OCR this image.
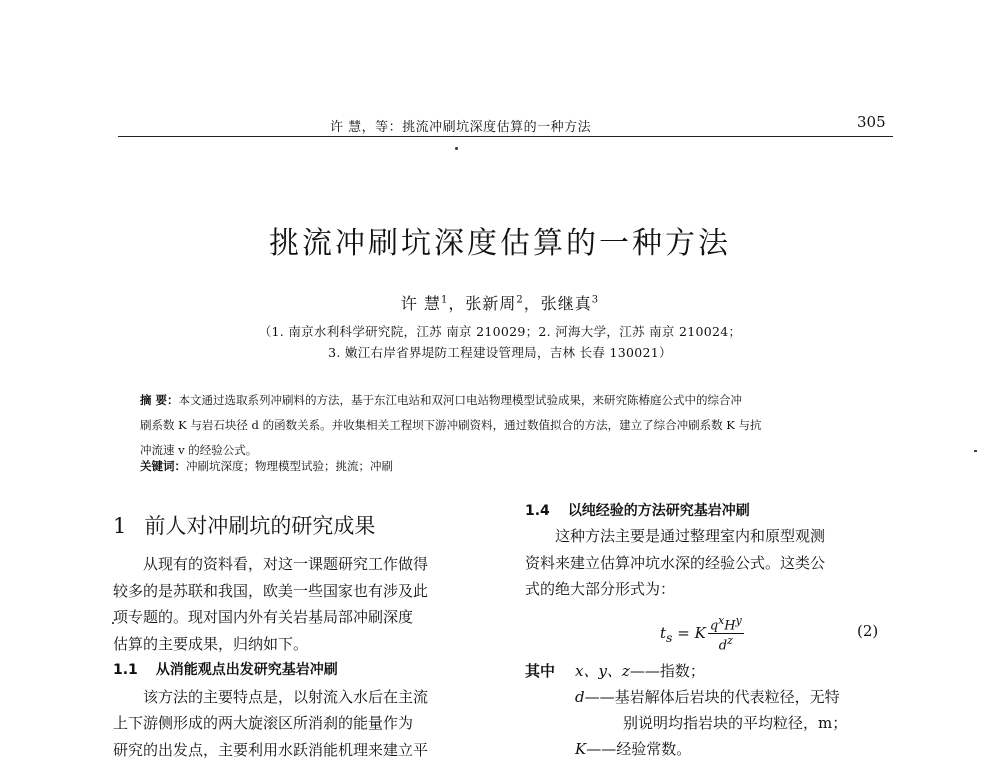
许 慧，等：挑流冲刷坑深度估算的一种方法	305
挑流冲刷坑深度估算的一种方法
许 慧$^1$，张新周$^2$，张继真$^3$
（1. 南京水利科学研究院，江苏 南京 210029；2. 河海大学，江苏 南京 210024；
3. 嫩江右岸省界堤防工程建设管理局，吉林 长春 130021）
摘 要：本文通过选取系列冲刷料的方法，基于东江电站和双河口电站物理模型试验成果，来研究陈椿庭公式中的综合冲
刷系数 K 与岩石块径 d 的函数关系。并收集相关工程坝下游冲刷资料，通过数值拟合的方法，建立了综合冲刷系数 K 与抗
冲流速 v 的经验公式。
关键词：冲刷坑深度；物理模型试验；挑流；冲刷
1 前人对冲刷坑的研究成果
从现有的资料看，对这一课题研究工作做得
较多的是苏联和我国，欧美一些国家也有涉及此
项专题的。现对国内外有关岩基局部冲刷深度
估算的主要成果，归纳如下。
1.1 从消能观点出发研究基岩冲刷
该方法的主要特点是，以射流入水后在主流
上下游侧形成的两大旋滚区所消刹的能量作为
研究的出发点，主要利用水跃消能机理来建立平
1.4 以纯经验的方法研究基岩冲刷
这种方法主要是通过整理室内和原型观测
资料来建立估算冲坑水深的经验公式。这类公
式的绝大部分形式为：
$t_s = K \frac{q^xH^y}{d^z}$	(2)
其中 x、y、z——指数；
d——基岩解体后岩块的代表粒径，无特
别说明均指岩块的平均粒径，m；
K——经验常数。
